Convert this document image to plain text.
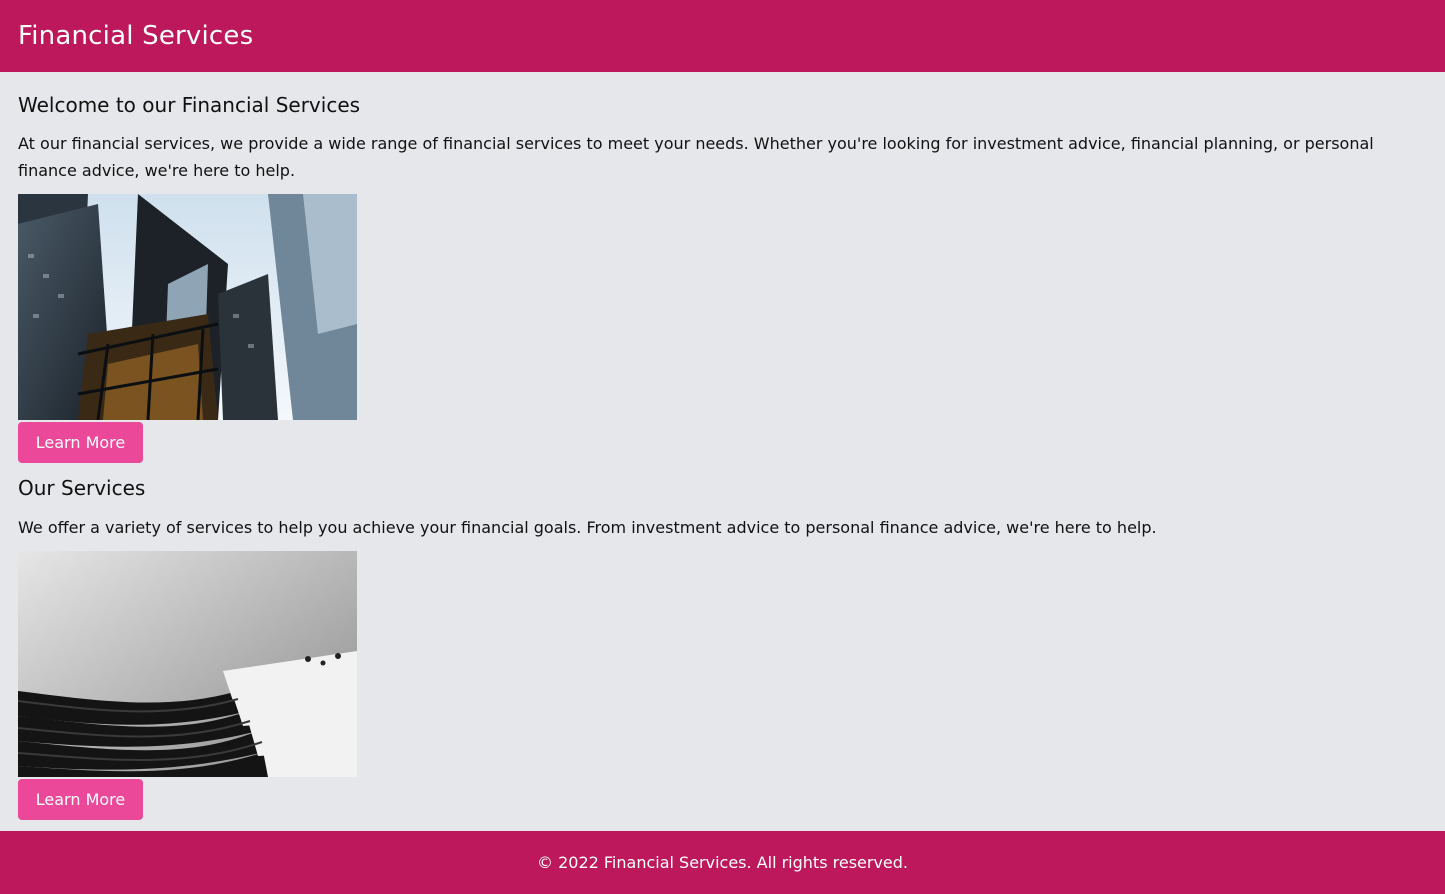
Financial Services
Welcome to our Financial Services

At our financial services, we provide a wide range of financial services to meet your needs. Whether you're looking for investment advice, financial planning, or personal finance advice, we're here to help.

Learn More
Our Services

We offer a variety of services to help you achieve your financial goals. From investment advice to personal finance advice, we're here to help.

Learn More

© 2022 Financial Services. All rights reserved.
